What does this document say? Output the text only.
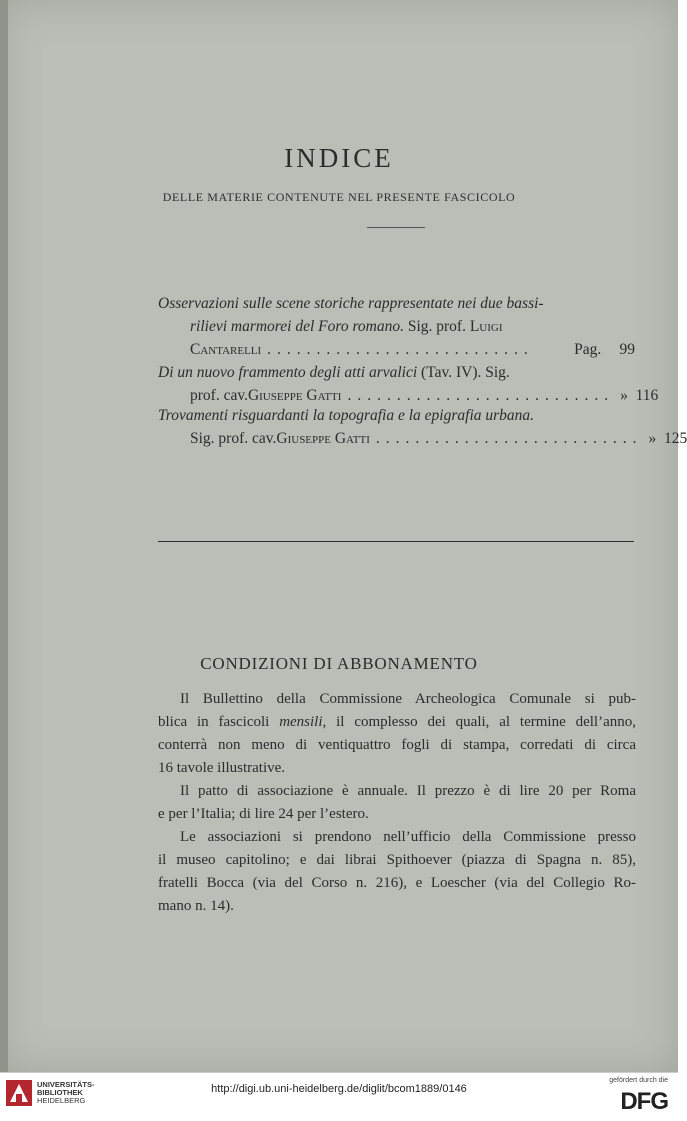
INDICE
DELLE MATERIE CONTENUTE NEL PRESENTE FASCICOLO
Osservazioni sulle scene storiche rappresentate nei due bassi-
rilievi marmorei del Foro romano. Sig. prof. Luigi
Cantarelli ...........................	Pag.
	99
Di un nuovo frammento degli atti arvalici (Tav. IV). Sig.
prof. cav. Giuseppe Gatti ........................... »
116
Trovamenti risguardanti la topografia e la epigrafia urbana.
Sig. prof. cav. Giuseppe Gatti ........................... »
125
CONDIZIONI DI ABBONAMENTO
Il Bullettino della Commissione Archeologica Comunale si pub-
blica in fascicoli mensili, il complesso dei quali, al termine dell’anno,
conterrà non meno di ventiquattro fogli di stampa, corredati di circa
16 tavole illustrative.
Il patto di associazione è annuale. Il prezzo è di lire 20 per Roma
e per l’Italia; di lire 24 per l’estero.
Le associazioni si prendono nell’ufficio della Commissione presso
il museo capitolino; e dai librai Spithoever (piazza di Spagna n. 85),
fratelli Bocca (via del Corso n. 216), e Loescher (via del Collegio Ro-
mano n. 14).
UNIVERSITÄTS-
BIBLIOTHEK
HEIDELBERG
http://digi.ub.uni-heidelberg.de/diglit/bcom1889/0146
gefördert durch die
DFG
